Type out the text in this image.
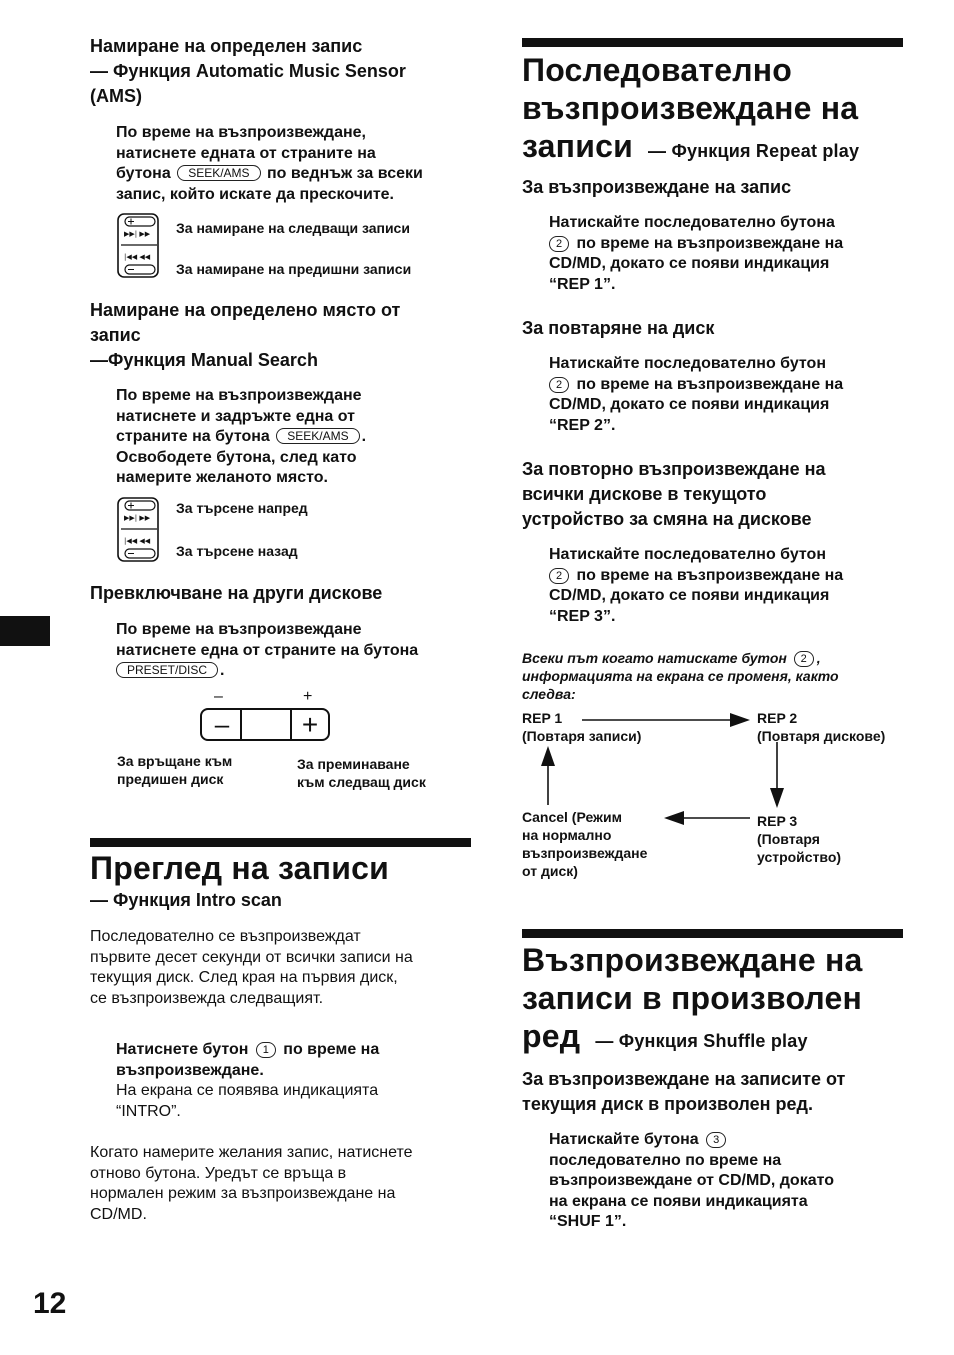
Намиране на определен запис
— Функция Automatic Music Sensor
(AMS)
По време на възпроизвеждане,
натиснете едната от страните на
бутона SEEK/AMS по веднъж за всеки
запис, който искате да прескочите.
▶▶| ▶▶
|◀◀ ◀◀
За намиране на следващи записи
За намиране на предишни записи
Намиране на определено място от
запис
—Функция Manual Search
По време на възпроизвеждане
натиснете и задръжте една от
страните на бутона SEEK/AMS .
Освободете бутона, след като
намерите желаното място.
▶▶| ▶▶
|◀◀ ◀◀
За търсене напред
За търсене назад
Превключване на други дискове
По време на възпроизвеждане
натиснете една от страните на бутона
PRESET/DISC .
–	+
–	+
За връщане към
предишен диск
За преминаване
към следващ диск
Преглед на записи
— Функция Intro scan
Последователно се възпроизвеждат
първите десет секунди от всички записи на
текущия диск. След края на първия диск,
се възпроизвежда следващият.
Натиснете бутон 1 по време на
възпроизвеждане.
На екрана се появява индикацията
“INTRO”.
Когато намерите желания запис, натиснете
отново бутона. Уредът се връща в
нормален режим за възпроизвеждане на
CD/MD.
12
Последователно
възпроизвеждане на
записи — Функция Repeat play
За възпроизвеждане на запис
Натискайте последователно бутона
2 по време на възпроизвеждане на
CD/MD, докато се появи индикация
“REP 1”.
За повтаряне на диск
Натискайте последователно бутон
2 по време на възпроизвеждане на
CD/MD, докато се появи индикация
“REP 2”.
За повторно възпроизвеждане на
всички дискове в текущото
устройство за смяна на дискове
Натискайте последователно бутон
2 по време на възпроизвеждане на
CD/MD, докато се появи индикация
“REP 3”.
Всеки път когато натискате бутон 2 ,
информацията на екрана се променя, както
следва:
REP 1
(Повтаря записи)
REP 2
(Повтаря дискове)
REP 3
(Повтаря
устройство)
Cancel (Режим
на нормално
възпроизвеждане
от диск)
Възпроизвеждане на
записи в произволен
ред — Функция Shuffle play
За възпроизвеждане на записите от
текущия диск в произволен ред.
Натискайте бутона 3
последователно по време на
възпроизвеждане от CD/MD, докато
на екрана се появи индикацията
“SHUF 1”.
